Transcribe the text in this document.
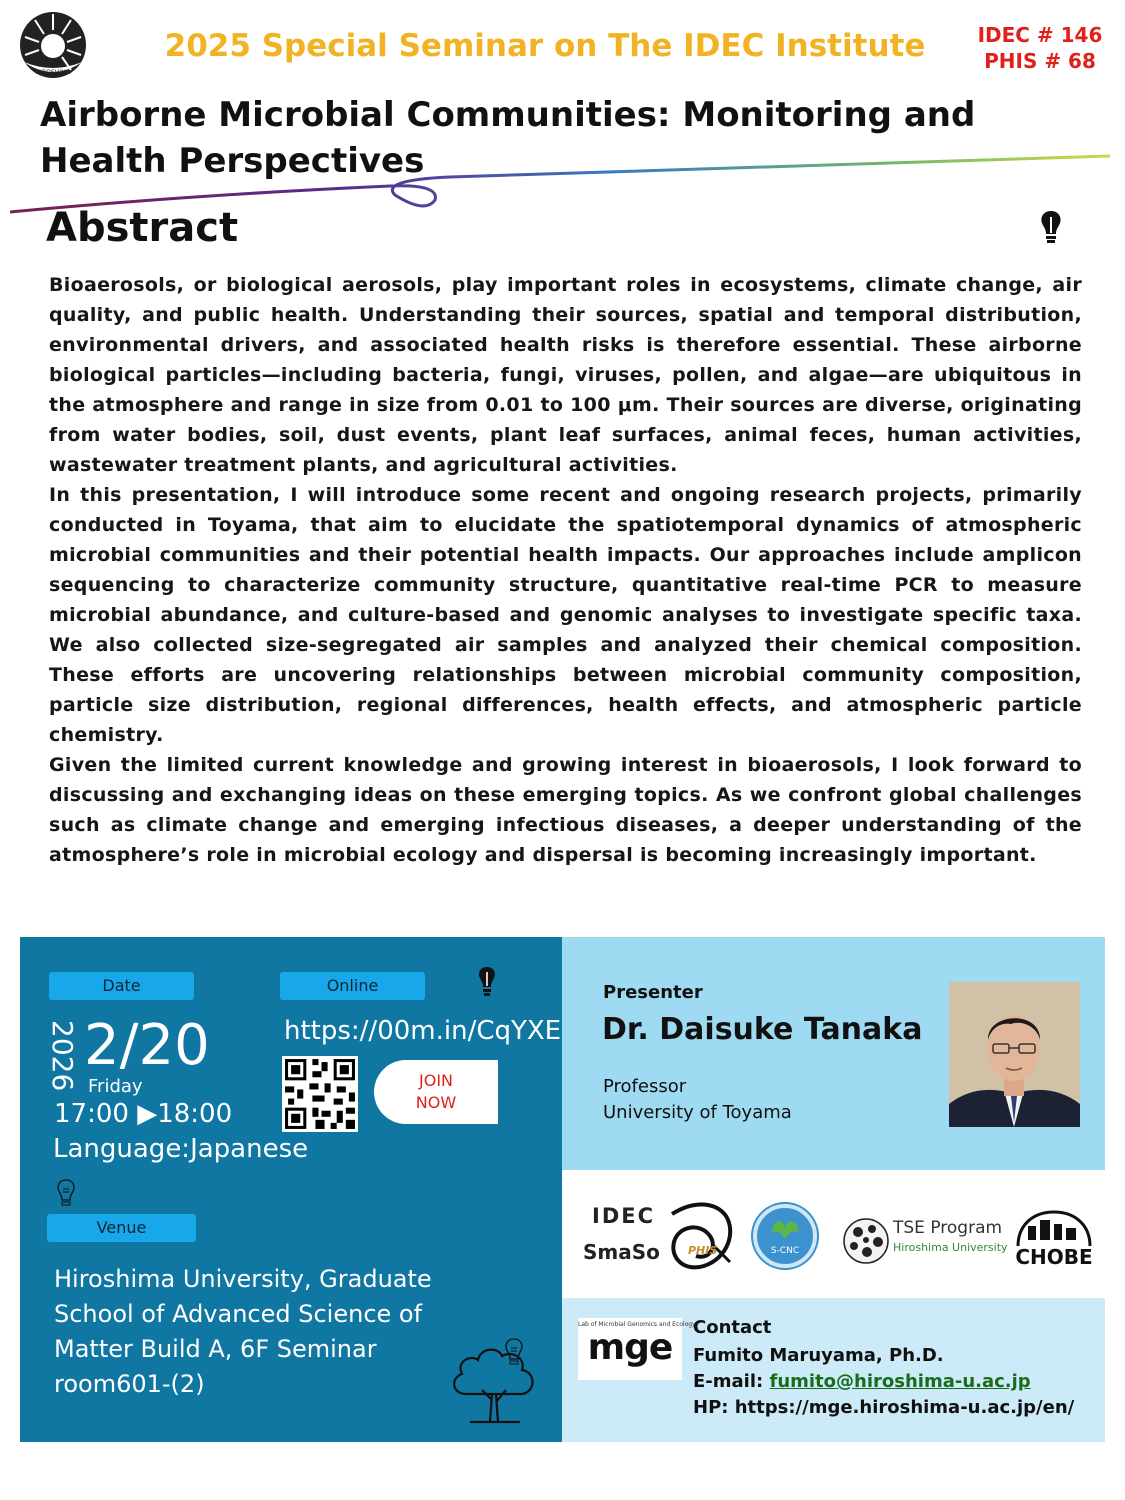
HIROSHIMA
2025 Special Seminar on The IDEC Institute	IDEC # 146
PHIS # 68
Airborne Microbial Communities: Monitoring and Health Perspectives
Abstract

Bioaerosols, or biological aerosols, play important roles in ecosystems, climate change, air quality, and public health. Understanding their sources, spatial and temporal distribution, environmental drivers, and associated health risks is therefore essential. These airborne biological particles—including bacteria, fungi, viruses, pollen, and algae—are ubiquitous in the atmosphere and range in size from 0.01 to 100 μm. Their sources are diverse, originating from water bodies, soil, dust events, plant leaf surfaces, animal feces, human activities, wastewater treatment plants, and agricultural activities.

In this presentation, I will introduce some recent and ongoing research projects, primarily conducted in Toyama, that aim to elucidate the spatiotemporal dynamics of atmospheric microbial communities and their potential health impacts. Our approaches include amplicon sequencing to characterize community structure, quantitative real-time PCR to measure microbial abundance, and culture-based and genomic analyses to investigate specific taxa. We also collected size-segregated air samples and analyzed their chemical composition. These efforts are uncovering relationships between microbial community composition, particle size distribution, regional differences, health effects, and atmospheric particle chemistry.

Given the limited current knowledge and growing interest in bioaerosols, I look forward to discussing and exchanging ideas on these emerging topics. As we confront global challenges such as climate change and emerging infectious diseases, a deeper understanding of the atmosphere’s role in microbial ecology and dispersal is becoming increasingly important.

Date	Online
2026 2/20
Friday
17:00 ▶18:00
Language:Japanese
https://00m.in/CqYXE
JOIN
NOW
Venue
Hiroshima University, Graduate School of Advanced Science of Matter Build A, 6F Seminar room601-(2)
Presenter
Dr. Daisuke Tanaka
Professor
University of Toyama
IDEC
SmaSo	PHIS	S-CNC
TSE Program
Hiroshima University CHOBE
Lab of Microbial Genomics and Ecology
mge	Contact
Fumito Maruyama, Ph.D.
E-mail: fumito@hiroshima-u.ac.jp
HP: https://mge.hiroshima-u.ac.jp/en/
